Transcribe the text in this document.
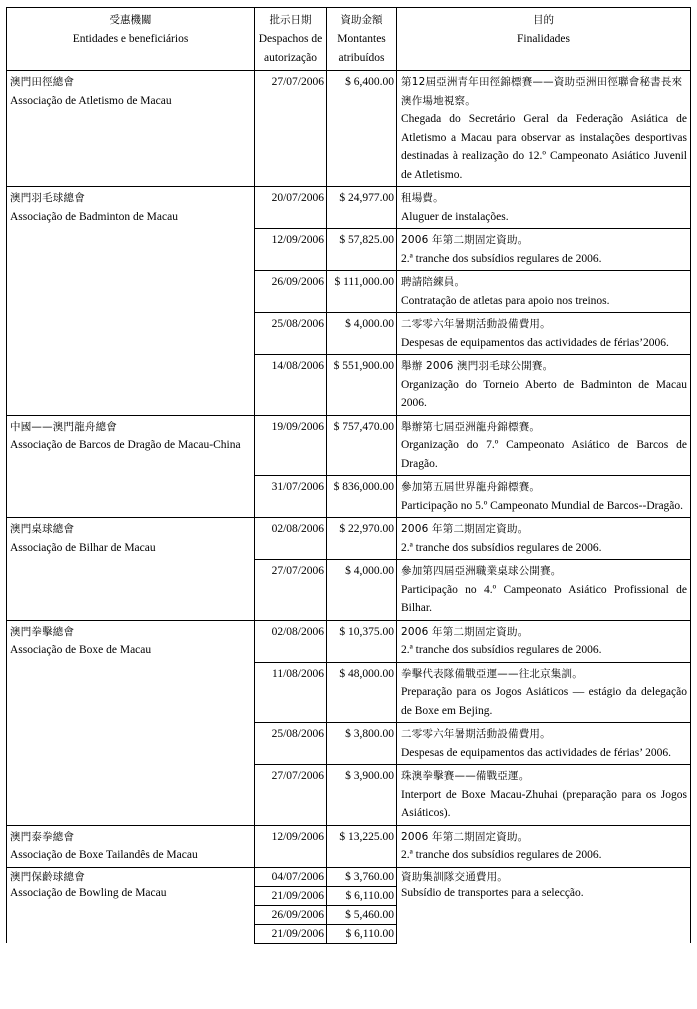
受惠機關
Entidades e beneficiários	批示日期
Despachos de
autorização	資助金額
Montantes
atribuídos	目的
Finalidades

澳門田徑總會
Associação de Atletismo de Macau	27/07/2006	$ 6,400.00	第12屆亞洲青年田徑錦標賽——資助亞洲田徑聯會秘書長來澳作場地視察。
Chegada do Secretário Geral da Federação Asiática de Atletismo a Macau para observar as instalações desportivas destinadas à realização do 12.º Campeonato Asiático Juvenil de Atletismo.

澳門羽毛球總會
Associação de Badminton de Macau	20/07/2006	$ 24,977.00	租場費。
Aluguer de instalações.

	12/09/2006	$ 57,825.00	2006 年第二期固定資助。
2.ª tranche dos subsídios regulares de 2006.

	26/09/2006	$ 111,000.00	聘請陪練員。
Contratação de atletas para apoio nos treinos.

	25/08/2006	$ 4,000.00	二零零六年暑期活動設備費用。
Despesas de equipamentos das actividades de férias’2006.

	14/08/2006	$ 551,900.00	舉辦 2006 澳門羽毛球公開賽。
Organização do Torneio Aberto de Badminton de Macau 2006.

中國——澳門龍舟總會
Associação de Barcos de Dragão de Macau-China	19/09/2006	$ 757,470.00	舉辦第七屆亞洲龍舟錦標賽。
Organização do 7.º Campeonato Asiático de Barcos de Dragão.

	31/07/2006	$ 836,000.00	參加第五屆世界龍舟錦標賽。
Participação no 5.º Campeonato Mundial de Barcos--Dragão.

澳門桌球總會
Associação de Bilhar de Macau	02/08/2006	$ 22,970.00	2006 年第二期固定資助。
2.ª tranche dos subsídios regulares de 2006.

	27/07/2006	$ 4,000.00	參加第四屆亞洲職業桌球公開賽。
Participação no 4.º Campeonato Asiático Profissional de Bilhar.

澳門拳擊總會
Associação de Boxe de Macau	02/08/2006	$ 10,375.00	2006 年第二期固定資助。
2.ª tranche dos subsídios regulares de 2006.

	11/08/2006	$ 48,000.00	拳擊代表隊備戰亞運——往北京集訓。
Preparação para os Jogos Asiáticos — estágio da delegação de Boxe em Bejing.

	25/08/2006	$ 3,800.00	二零零六年暑期活動設備費用。
Despesas de equipamentos das actividades de férias’ 2006.

	27/07/2006	$ 3,900.00	珠澳拳擊賽——備戰亞運。
Interport de Boxe Macau-Zhuhai (preparação para os Jogos Asiáticos).

澳門泰拳總會
Associação de Boxe Tailandês de Macau	12/09/2006	$ 13,225.00	2006 年第二期固定資助。
2.ª tranche dos subsídios regulares de 2006.

澳門保齡球總會
Associação de Bowling de Macau	04/07/2006	$ 3,760.00	資助集訓隊交通費用。
Subsídio de transportes para a selecção.

	21/09/2006	$ 6,110.00	
	26/09/2006	$ 5,460.00	
	21/09/2006	$ 6,110.00	
